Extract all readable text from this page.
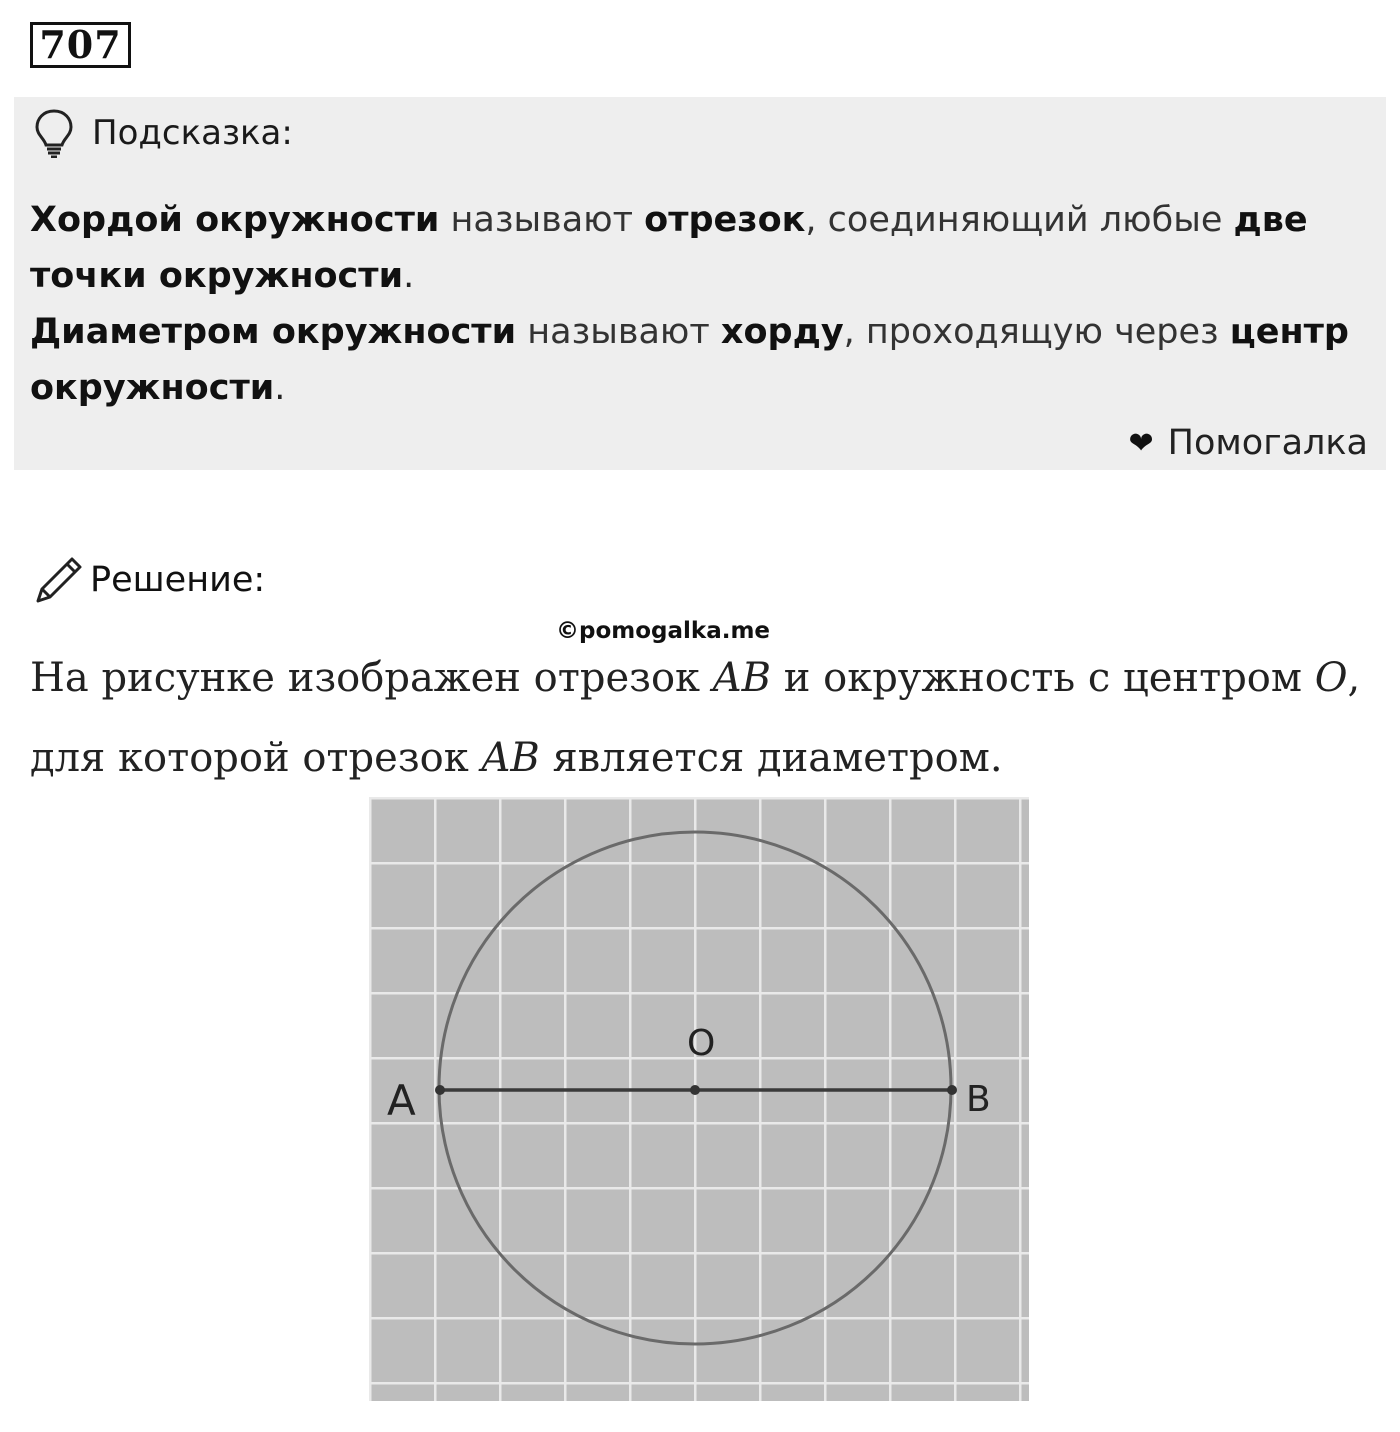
707
Подсказка:

Хордой окружности называют отрезок, соединяющий любые две точки окружности.

Диаметром окружности называют хорду, проходящую через центр окружности.

❤ Помогалка
Решение:
©pomogalka.me
На рисунке изображен отрезок AB и окружность с центром O, для которой отрезок AB является диаметром.
A
O
B
